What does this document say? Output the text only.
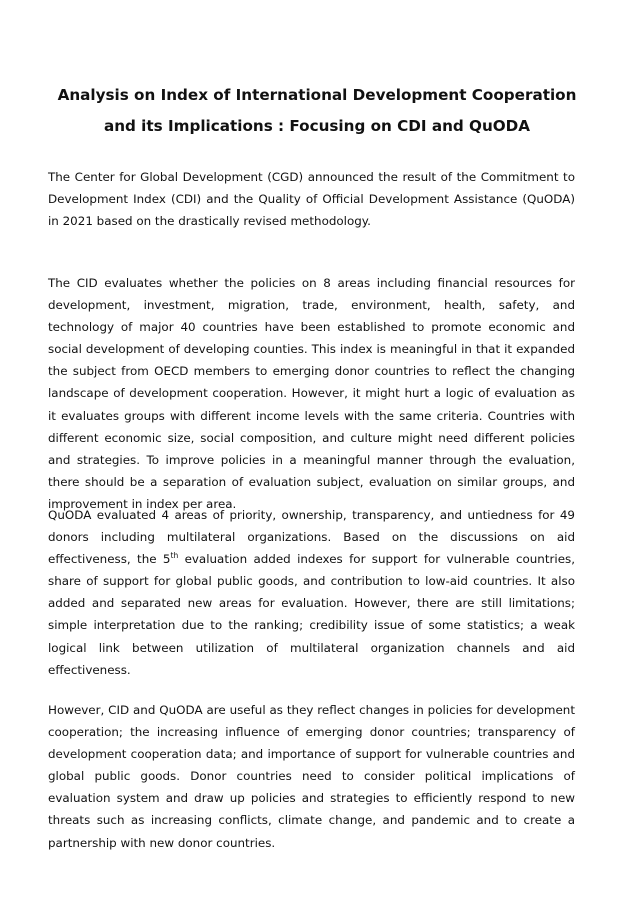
Analysis on Index of International Development Cooperation and its Implications : Focusing on CDI and QuODA

The Center for Global Development (CGD) announced the result of the Commitment to Development Index (CDI) and the Quality of Official Development Assistance (QuODA) in 2021 based on the drastically revised methodology.

The CID evaluates whether the policies on 8 areas including financial resources for development, investment, migration, trade, environment, health, safety, and technology of major 40 countries have been established to promote economic and social development of developing counties. This index is meaningful in that it expanded the subject from OECD members to emerging donor countries to reflect the changing landscape of development cooperation. However, it might hurt a logic of evaluation as it evaluates groups with different income levels with the same criteria. Countries with different economic size, social composition, and culture might need different policies and strategies. To improve policies in a meaningful manner through the evaluation, there should be a separation of evaluation subject, evaluation on similar groups, and improvement in index per area.

QuODA evaluated 4 areas of priority, ownership, transparency, and untiedness for 49 donors including multilateral organizations. Based on the discussions on aid effectiveness, the 5th evaluation added indexes for support for vulnerable countries, share of support for global public goods, and contribution to low-aid countries. It also added and separated new areas for evaluation. However, there are still limitations; simple interpretation due to the ranking; credibility issue of some statistics; a weak logical link between utilization of multilateral organization channels and aid effectiveness.

However, CID and QuODA are useful as they reflect changes in policies for development cooperation; the increasing influence of emerging donor countries; transparency of development cooperation data; and importance of support for vulnerable countries and global public goods. Donor countries need to consider political implications of evaluation system and draw up policies and strategies to efficiently respond to new threats such as increasing conflicts, climate change, and pandemic and to create a partnership with new donor countries.
